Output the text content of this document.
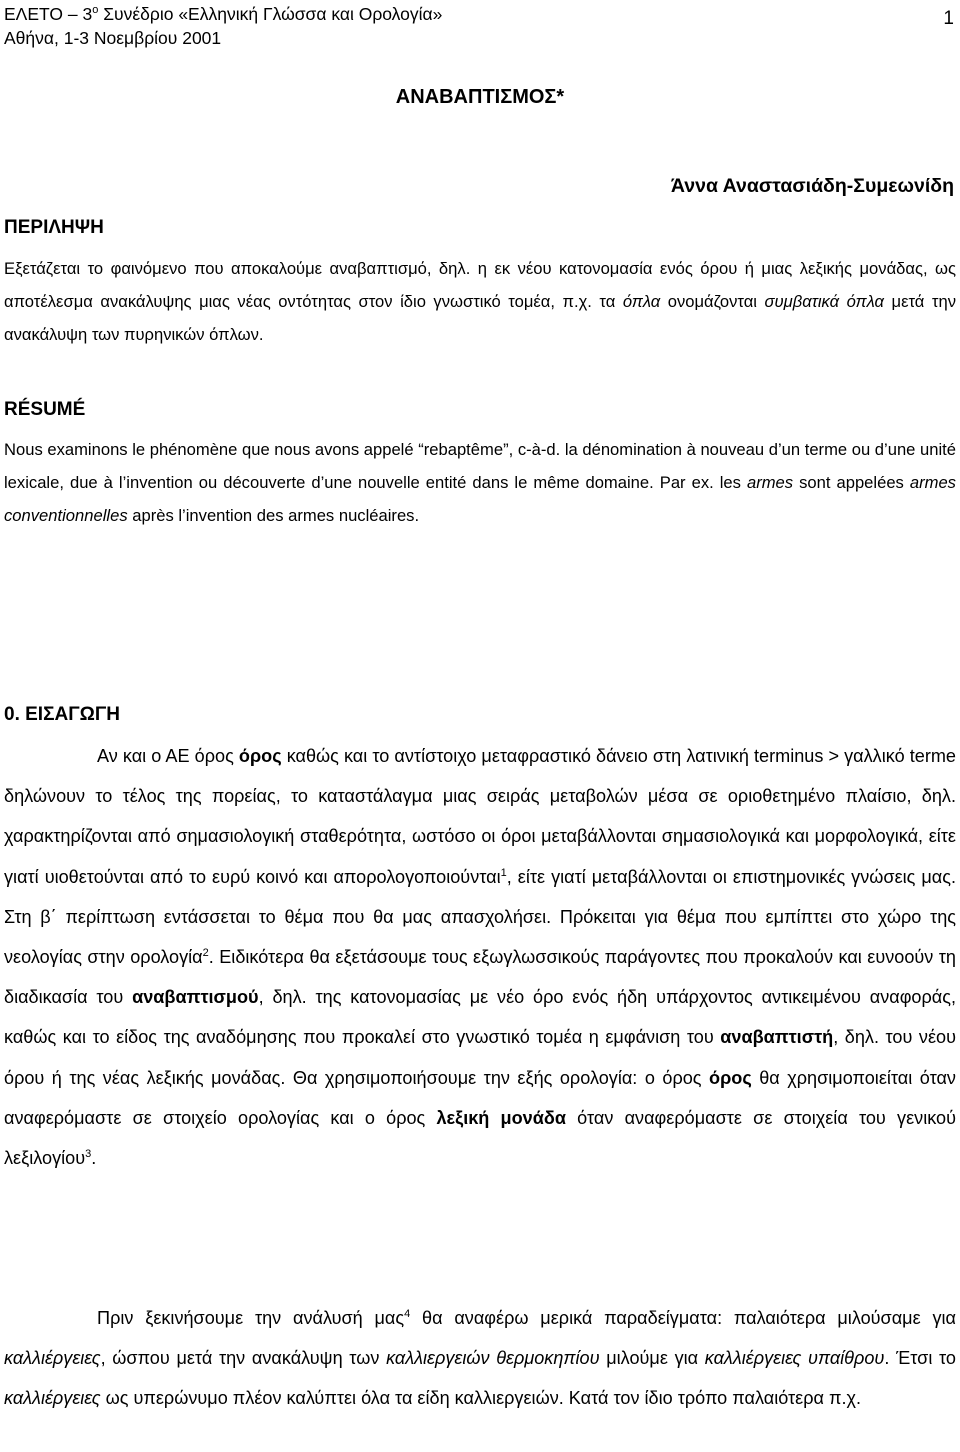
ΕΛΕΤΟ – $3^o$ Συνέδριο «Ελληνική Γλώσσα και Ορολογία»
Αθήνα, 1-3 Νοεμβρίου 2001
1
ΑΝΑΒΑΠΤΙΣΜΟΣ*
Άννα Αναστασιάδη-Συμεωνίδη
ΠΕΡΙΛΗΨΗ
Εξετάζεται το φαινόμενο που αποκαλούμε αναβαπτισμό, δηλ. η εκ νέου κατονομασία ενός όρου ή μιας λεξικής μονάδας, ως αποτέλεσμα ανακάλυψης μιας νέας οντότητας στον ίδιο γνωστικό τομέα, π.χ. τα όπλα ονομάζονται συμβατικά όπλα μετά την ανακάλυψη των πυρηνικών όπλων.
RÉSUMÉ
Nous examinons le phénomène que nous avons appelé “rebaptême”, c-à-d. la dénomination à nouveau d’un terme ou d’une unité lexicale, due à l’invention ou découverte d’une nouvelle entité dans le même domaine. Par ex. les armes sont appelées armes conventionnelles après l’invention des armes nucléaires.
0. ΕΙΣΑΓΩΓΗ
Αν και ο ΑΕ όρος όρος καθώς και το αντίστοιχο μεταφραστικό δάνειο στη λατινική terminus > γαλλικό terme δηλώνουν το τέλος της πορείας, το καταστάλαγμα μιας σειράς μεταβολών μέσα σε οριοθετημένο πλαίσιο, δηλ. χαρακτηρίζονται από σημασιολογική σταθερότητα, ωστόσο οι όροι μεταβάλλονται σημασιολογικά και μορφολογικά, είτε γιατί υιοθετούνται από το ευρύ κοινό και απορολογοποιούνται$^1$, είτε γιατί μεταβάλλονται οι επιστημονικές γνώσεις μας. Στη β΄ περίπτωση εντάσσεται το θέμα που θα μας απασχολήσει. Πρόκειται για θέμα που εμπίπτει στο χώρο της νεολογίας στην ορολογία$^2$. Ειδικότερα θα εξετάσουμε τους εξωγλωσσικούς παράγοντες που προκαλούν και ευνοούν τη διαδικασία του αναβαπτισμού, δηλ. της κατονομασίας με νέο όρο ενός ήδη υπάρχοντος αντικειμένου αναφοράς, καθώς και το είδος της αναδόμησης που προκαλεί στο γνωστικό τομέα η εμφάνιση του αναβαπτιστή, δηλ. του νέου όρου ή της νέας λεξικής μονάδας. Θα χρησιμοποιήσουμε την εξής ορολογία: ο όρος όρος θα χρησιμοποιείται όταν αναφερόμαστε σε στοιχείο ορολογίας και ο όρος λεξική μονάδα όταν αναφερόμαστε σε στοιχεία του γενικού λεξιλογίου$^3$.
Πριν ξεκινήσουμε την ανάλυσή μας$^4$ θα αναφέρω μερικά παραδείγματα: παλαιότερα μιλούσαμε για καλλιέργειες, ώσπου μετά την ανακάλυψη των καλλιεργειών θερμοκηπίου μιλούμε για καλλιέργειες υπαίθρου. Έτσι το καλλιέργειες ως υπερώνυμο πλέον καλύπτει όλα τα είδη καλλιεργειών. Κατά τον ίδιο τρόπο παλαιότερα π.χ.
